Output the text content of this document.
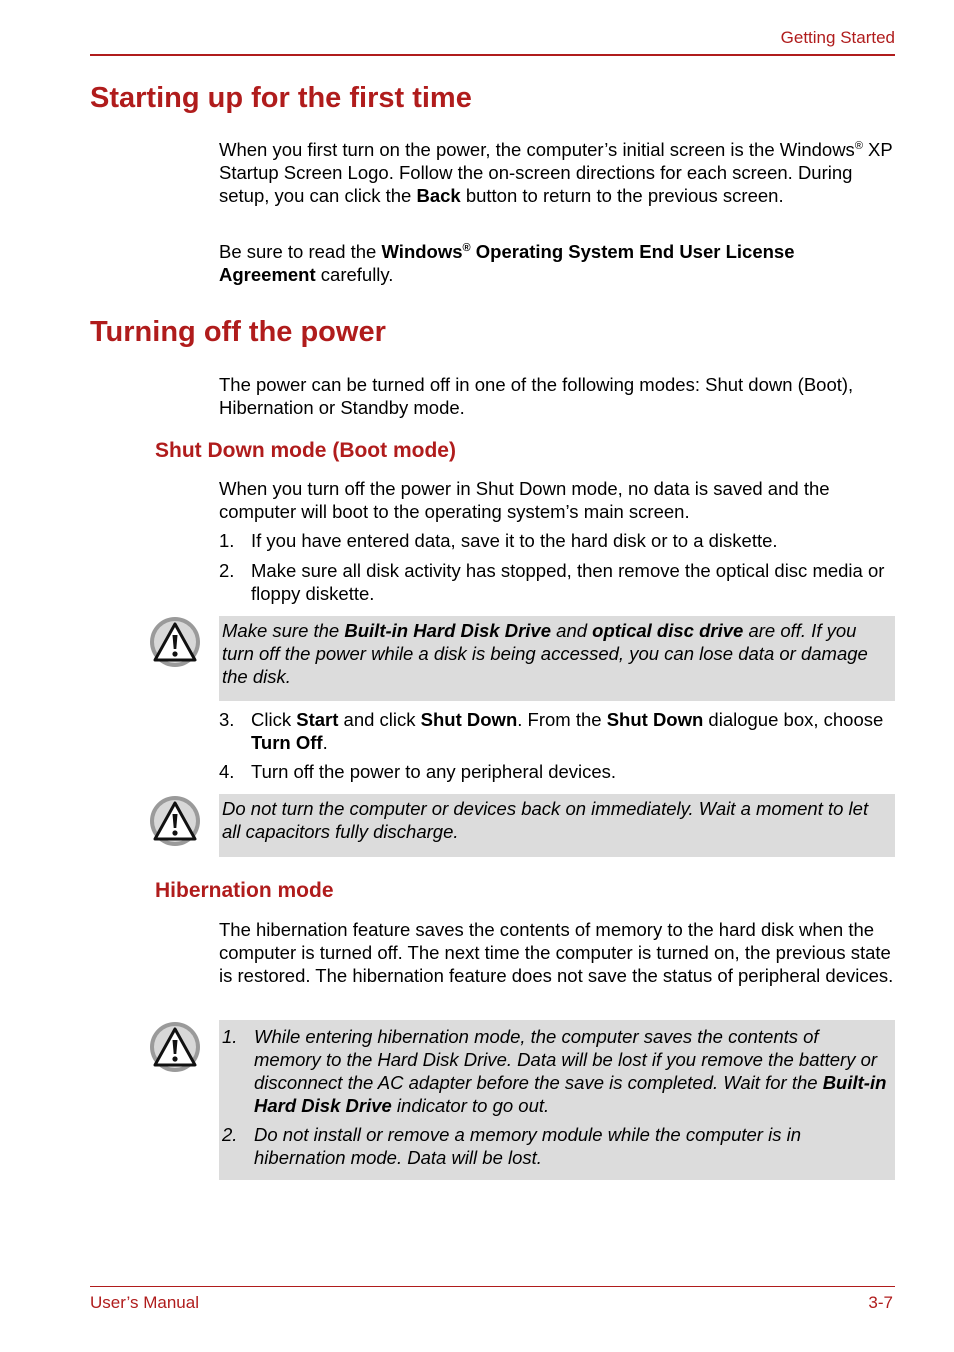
Getting Started
Starting up for the first time

When you first turn on the power, the computer’s initial screen is the Windows® XP Startup Screen Logo. Follow the on-screen directions for each screen. During setup, you can click the Back button to return to the previous screen.

Be sure to read the Windows® Operating System End User License Agreement carefully.

Turning off the power

The power can be turned off in one of the following modes: Shut down (Boot), Hibernation or Standby mode.

Shut Down mode (Boot mode)

When you turn off the power in Shut Down mode, no data is saved and the computer will boot to the operating system’s main screen.

1. If you have entered data, save it to the hard disk or to a diskette.
2. Make sure all disk activity has stopped, then remove the optical disc media or floppy diskette.
Make sure the Built-in Hard Disk Drive and optical disc drive are off. If you turn off the power while a disk is being accessed, you can lose data or damage the disk.
3. Click Start and click Shut Down. From the Shut Down dialogue box, choose Turn Off.
4. Turn off the power to any peripheral devices.
Do not turn the computer or devices back on immediately. Wait a moment to let all capacitors fully discharge.
Hibernation mode

The hibernation feature saves the contents of memory to the hard disk when the computer is turned off. The next time the computer is turned on, the previous state is restored. The hibernation feature does not save the status of peripheral devices.

1. While entering hibernation mode, the computer saves the contents of memory to the Hard Disk Drive. Data will be lost if you remove the battery or disconnect the AC adapter before the save is completed. Wait for the Built-in Hard Disk Drive indicator to go out.
2. Do not install or remove a memory module while the computer is in hibernation mode. Data will be lost.
User’s Manual	3-7
